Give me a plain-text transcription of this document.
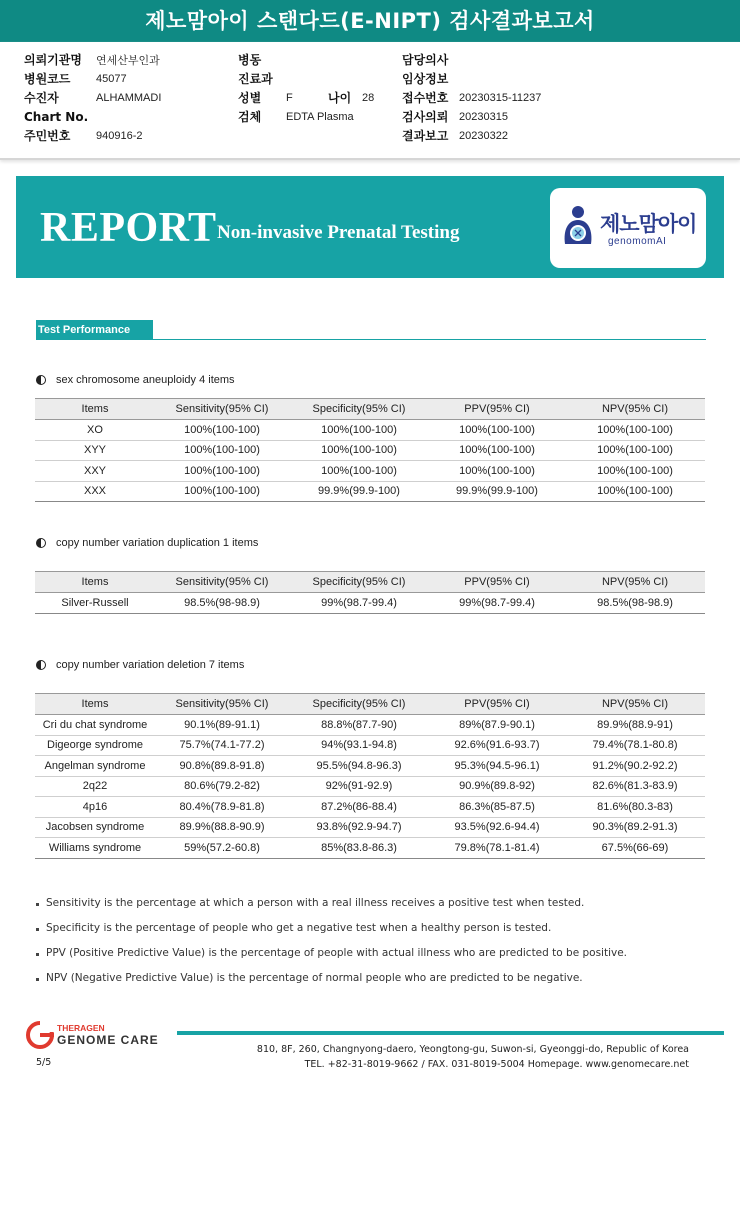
제노맘아이 스탠다드(E-NIPT) 검사결과보고서
의뢰기관명	연세산부인과
병원코드	45077
수진자	ALHAMMADI
Chart No.
주민번호	940916-2
병동
진료과
성별	F	나이 28
검체	EDTA Plasma
담당의사
임상정보
접수번호 20230315-11237
검사의뢰 20230315
결과보고 20230322
REPORT Non-invasive Prenatal Testing	제노맘아이
genomomAI
Test Performance
sex chromosome aneuploidy 4 items
Items	Sensitivity(95% CI)	Specificity(95% CI)	PPV(95% CI)	NPV(95% CI)
XO	100%(100-100)	100%(100-100)	100%(100-100)	100%(100-100)
XYY	100%(100-100)	100%(100-100)	100%(100-100)	100%(100-100)
XXY	100%(100-100)	100%(100-100)	100%(100-100)	100%(100-100)
XXX	100%(100-100)	99.9%(99.9-100)	99.9%(99.9-100)	100%(100-100)
copy number variation duplication 1 items
Items	Sensitivity(95% CI)	Specificity(95% CI)	PPV(95% CI)	NPV(95% CI)
Silver-Russell	98.5%(98-98.9)	99%(98.7-99.4)	99%(98.7-99.4)	98.5%(98-98.9)
copy number variation deletion 7 items
Items	Sensitivity(95% CI)	Specificity(95% CI)	PPV(95% CI)	NPV(95% CI)
Cri du chat syndrome	90.1%(89-91.1)	88.8%(87.7-90)	89%(87.9-90.1)	89.9%(88.9-91)
Digeorge syndrome	75.7%(74.1-77.2)	94%(93.1-94.8)	92.6%(91.6-93.7)	79.4%(78.1-80.8)
Angelman syndrome	90.8%(89.8-91.8)	95.5%(94.8-96.3)	95.3%(94.5-96.1)	91.2%(90.2-92.2)
2q22	80.6%(79.2-82)	92%(91-92.9)	90.9%(89.8-92)	82.6%(81.3-83.9)
4p16	80.4%(78.9-81.8)	87.2%(86-88.4)	86.3%(85-87.5)	81.6%(80.3-83)
Jacobsen syndrome	89.9%(88.8-90.9)	93.8%(92.9-94.7)	93.5%(92.6-94.4)	90.3%(89.2-91.3)
Williams syndrome	59%(57.2-60.8)	85%(83.8-86.3)	79.8%(78.1-81.4)	67.5%(66-69)
Sensitivity is the percentage at which a person with a real illness receives a positive test when tested.
Specificity is the percentage of people who get a negative test when a healthy person is tested.
PPV (Positive Predictive Value) is the percentage of people with actual illness who are predicted to be positive.
NPV (Negative Predictive Value) is the percentage of normal people who are predicted to be negative.
THERAGEN
GENOME CARE
810, 8F, 260, Changnyong-daero, Yeongtong-gu, Suwon-si, Gyeonggi-do, Republic of Korea
TEL. +82-31-8019-9662 / FAX. 031-8019-5004 Homepage. www.genomecare.net
5/5
